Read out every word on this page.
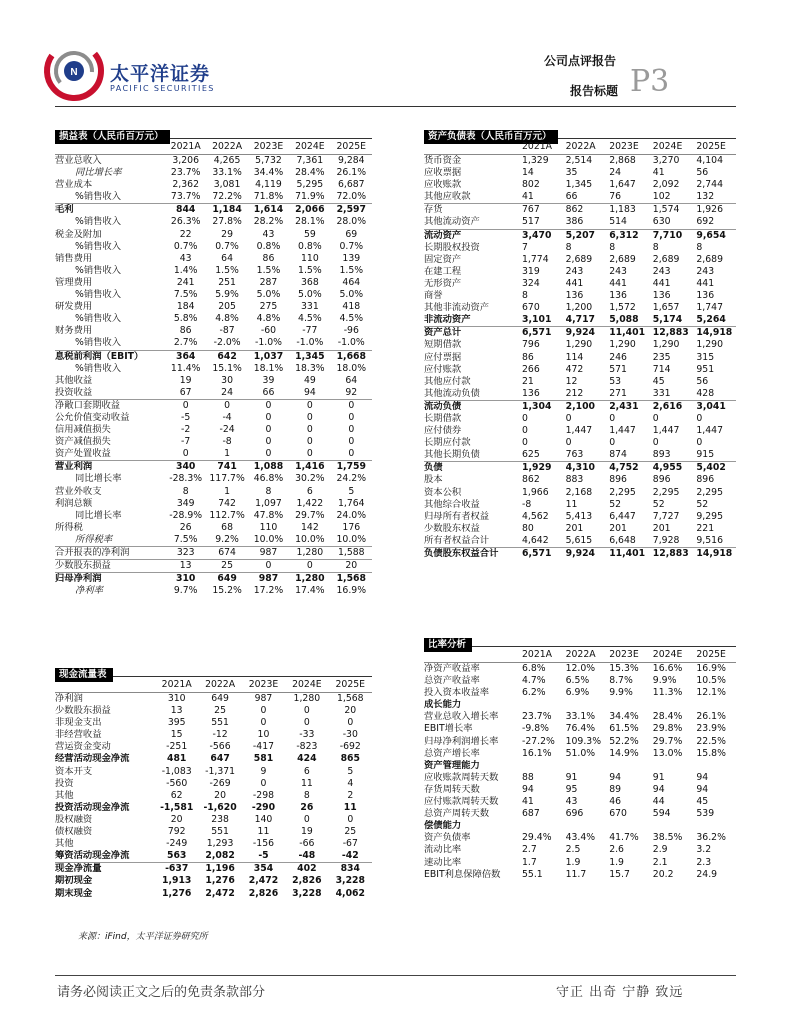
N 太平洋证券
PACIFIC SECURITIES
公司点评报告
报告标题 P3
损益表（人民币百万元）
	2021A	2022A	2023E	2024E	2025E
营业总收入	3,206	4,265	5,732	7,361	9,284
同比增长率	23.7%	33.1%	34.4%	28.4%	26.1%
营业成本	2,362	3,081	4,119	5,295	6,687
%销售收入	73.7%	72.2%	71.8%	71.9%	72.0%
毛利	844	1,184	1,614	2,066	2,597
%销售收入	26.3%	27.8%	28.2%	28.1%	28.0%
税金及附加	22	29	43	59	69
%销售收入	0.7%	0.7%	0.8%	0.8%	0.7%
销售费用	43	64	86	110	139
%销售收入	1.4%	1.5%	1.5%	1.5%	1.5%
管理费用	241	251	287	368	464
%销售收入	7.5%	5.9%	5.0%	5.0%	5.0%
研发费用	184	205	275	331	418
%销售收入	5.8%	4.8%	4.8%	4.5%	4.5%
财务费用	86	-87	-60	-77	-96
%销售收入	2.7%	-2.0%	-1.0%	-1.0%	-1.0%
息税前利润（EBIT）	364	642	1,037	1,345	1,668
%销售收入	11.4%	15.1%	18.1%	18.3%	18.0%
其他收益	19	30	39	49	64
投资收益	67	24	66	94	92
净敞口套期收益	0	0	0	0	0
公允价值变动收益	-5	-4	0	0	0
信用减值损失	-2	-24	0	0	0
资产减值损失	-7	-8	0	0	0
资产处置收益	0	1	0	0	0
营业利润	340	741	1,088	1,416	1,759
同比增长率	-28.3%	117.7%	46.8%	30.2%	24.2%
营业外收支	8	1	8	6	5
利润总额	349	742	1,097	1,422	1,764
同比增长率	-28.9%	112.7%	47.8%	29.7%	24.0%
所得税	26	68	110	142	176
所得税率	7.5%	9.2%	10.0%	10.0%	10.0%
合并报表的净利润	323	674	987	1,280	1,588
少数股东损益	13	25	0	0	20
归母净利润	310	649	987	1,280	1,568
净利率	9.7%	15.2%	17.2%	17.4%	16.9%
现金流量表
	2021A	2022A	2023E	2024E	2025E
净利润	310	649	987	1,280	1,568
少数股东损益	13	25	0	0	20
非现金支出	395	551	0	0	0
非经营收益	15	-12	10	-33	-30
营运资金变动	-251	-566	-417	-823	-692
经营活动现金净流	481	647	581	424	865
资本开支	-1,083	-1,371	9	6	5
投资	-560	-269	0	11	4
其他	62	20	-298	8	2
投资活动现金净流	-1,581	-1,620	-290	26	11
股权融资	20	238	140	0	0
债权融资	792	551	11	19	25
其他	-249	1,293	-156	-66	-67
筹资活动现金净流	563	2,082	-5	-48	-42
现金净流量	-637	1,196	354	402	834
期初现金	1,913	1,276	2,472	2,826	3,228
期末现金	1,276	2,472	2,826	3,228	4,062
资产负债表（人民币百万元）
	2021A	2022A	2023E	2024E	2025E
货币资金	1,329	2,514	2,868	3,270	4,104
应收票据	14	35	24	41	56
应收账款	802	1,345	1,647	2,092	2,744
其他应收款	41	66	76	102	132
存货	767	862	1,183	1,574	1,926
其他流动资产	517	386	514	630	692
流动资产	3,470	5,207	6,312	7,710	9,654
长期股权投资	7	8	8	8	8
固定资产	1,774	2,689	2,689	2,689	2,689
在建工程	319	243	243	243	243
无形资产	324	441	441	441	441
商誉	8	136	136	136	136
其他非流动资产	670	1,200	1,572	1,657	1,747
非流动资产	3,101	4,717	5,088	5,174	5,264
资产总计	6,571	9,924	11,401	12,883	14,918
短期借款	796	1,290	1,290	1,290	1,290
应付票据	86	114	246	235	315
应付账款	266	472	571	714	951
其他应付款	21	12	53	45	56
其他流动负债	136	212	271	331	428
流动负债	1,304	2,100	2,431	2,616	3,041
长期借款	0	0	0	0	0
应付债券	0	1,447	1,447	1,447	1,447
长期应付款	0	0	0	0	0
其他长期负债	625	763	874	893	915
负债	1,929	4,310	4,752	4,955	5,402
股本	862	883	896	896	896
资本公积	1,966	2,168	2,295	2,295	2,295
其他综合收益	-8	11	52	52	52
归母所有者权益	4,562	5,413	6,447	7,727	9,295
少数股东权益	80	201	201	201	221
所有者权益合计	4,642	5,615	6,648	7,928	9,516
负债股东权益合计	6,571	9,924	11,401	12,883	14,918
比率分析
	2021A	2022A	2023E	2024E	2025E
净资产收益率	6.8%	12.0%	15.3%	16.6%	16.9%
总资产收益率	4.7%	6.5%	8.7%	9.9%	10.5%
投入资本收益率	6.2%	6.9%	9.9%	11.3%	12.1%
成长能力					
营业总收入增长率	23.7%	33.1%	34.4%	28.4%	26.1%
EBIT增长率	-9.8%	76.4%	61.5%	29.8%	23.9%
归母净利润增长率	-27.2%	109.3%	52.2%	29.7%	22.5%
总资产增长率	16.1%	51.0%	14.9%	13.0%	15.8%
资产管理能力					
应收账款周转天数	88	91	94	91	94
存货周转天数	94	95	89	94	94
应付账款周转天数	41	43	46	44	45
总资产周转天数	687	696	670	594	539
偿债能力					
资产负债率	29.4%	43.4%	41.7%	38.5%	36.2%
流动比率	2.7	2.5	2.6	2.9	3.2
速动比率	1.7	1.9	1.9	2.1	2.3
EBIT利息保障倍数	55.1	11.7	15.7	20.2	24.9
来源：iFind，太平洋证券研究所
请务必阅读正文之后的免责条款部分	守正 出奇 宁静 致远
